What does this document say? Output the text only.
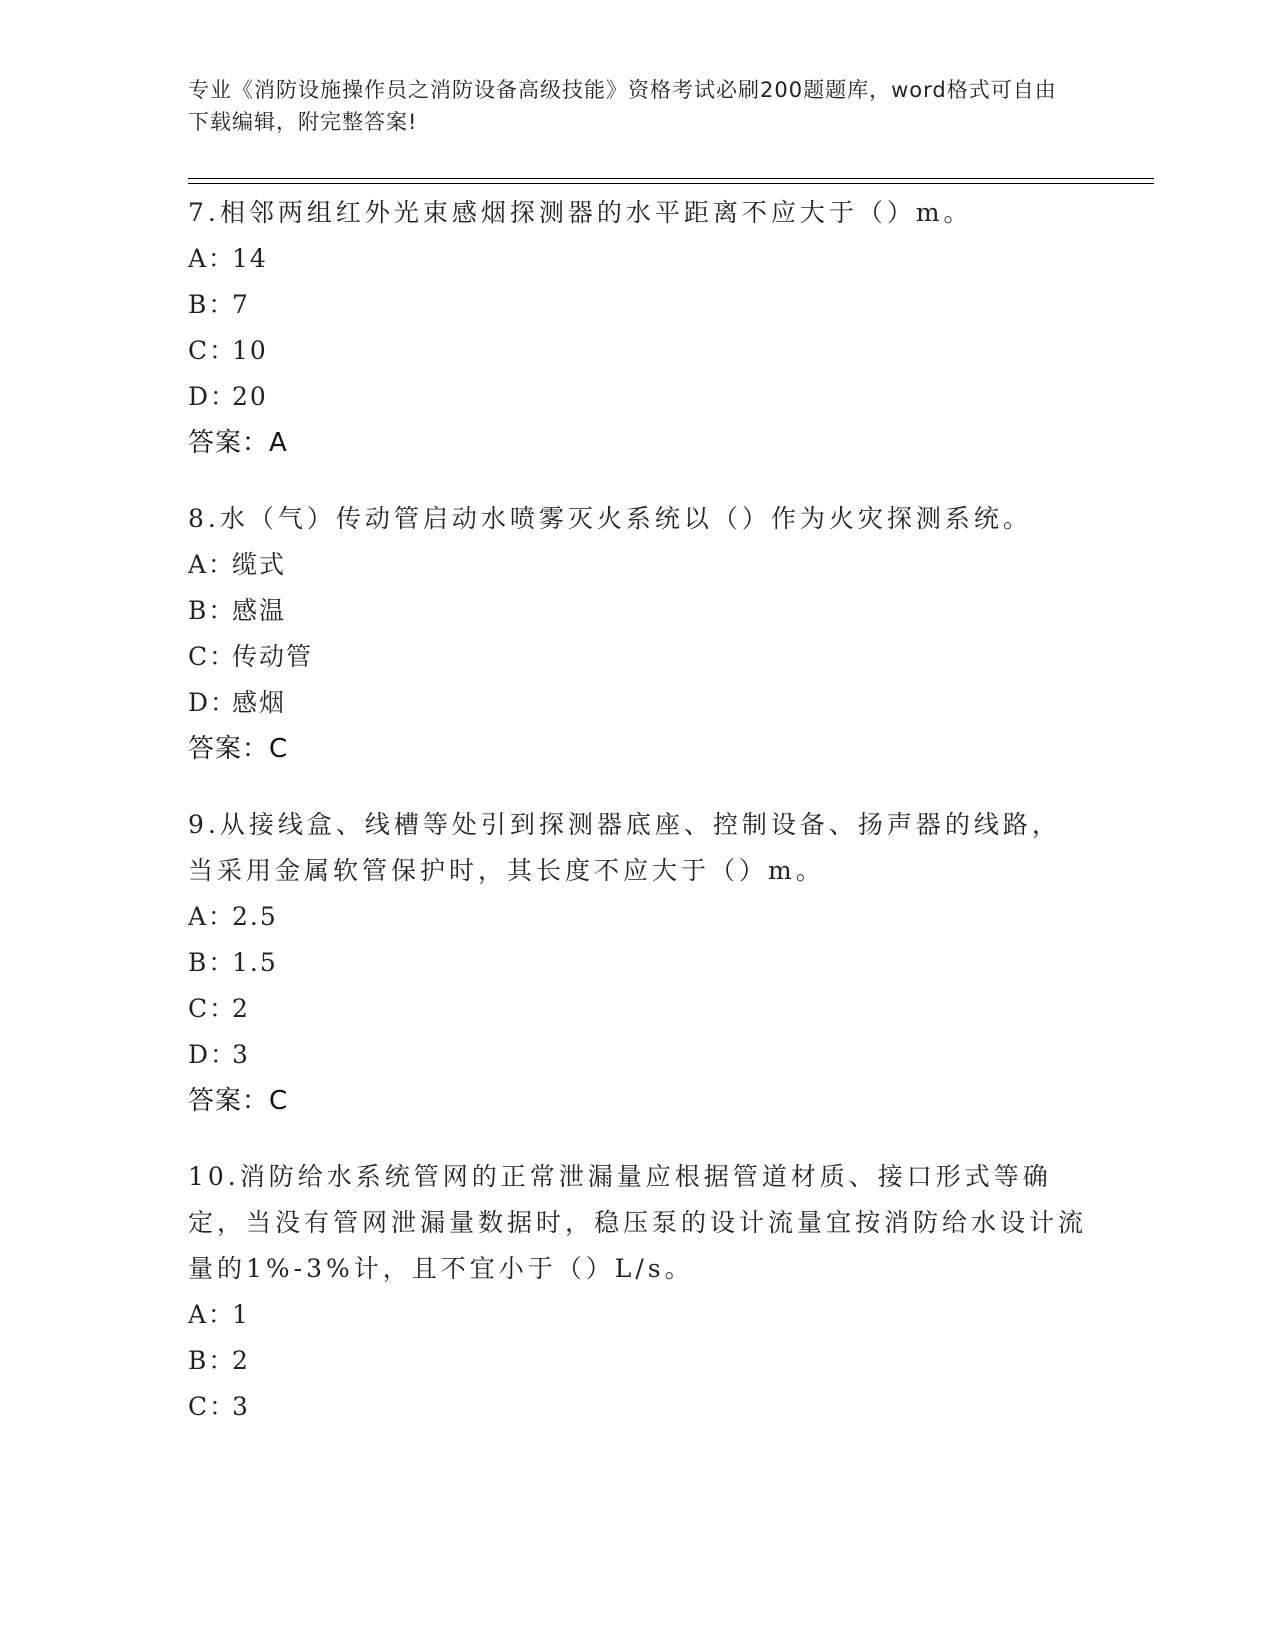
专业《消防设施操作员之消防设备高级技能》资格考试必刷200题题库，word格式可自由下载编辑，附完整答案!
7.相邻两组红外光束感烟探测器的水平距离不应大于（）m。
A：14
B：7
C：10
D：20
答案：A
8.水（气）传动管启动水喷雾灭火系统以（）作为火灾探测系统。
A：缆式
B：感温
C：传动管
D：感烟
答案：C
9.从接线盒、线槽等处引到探测器底座、控制设备、扬声器的线路，当采用金属软管保护时，其长度不应大于（）m。
A：2.5
B：1.5
C：2
D：3
答案：C
10.消防给水系统管网的正常泄漏量应根据管道材质、接口形式等确定，当没有管网泄漏量数据时，稳压泵的设计流量宜按消防给水设计流量的1%-3%计，且不宜小于（）L/s。
A：1
B：2
C：3
